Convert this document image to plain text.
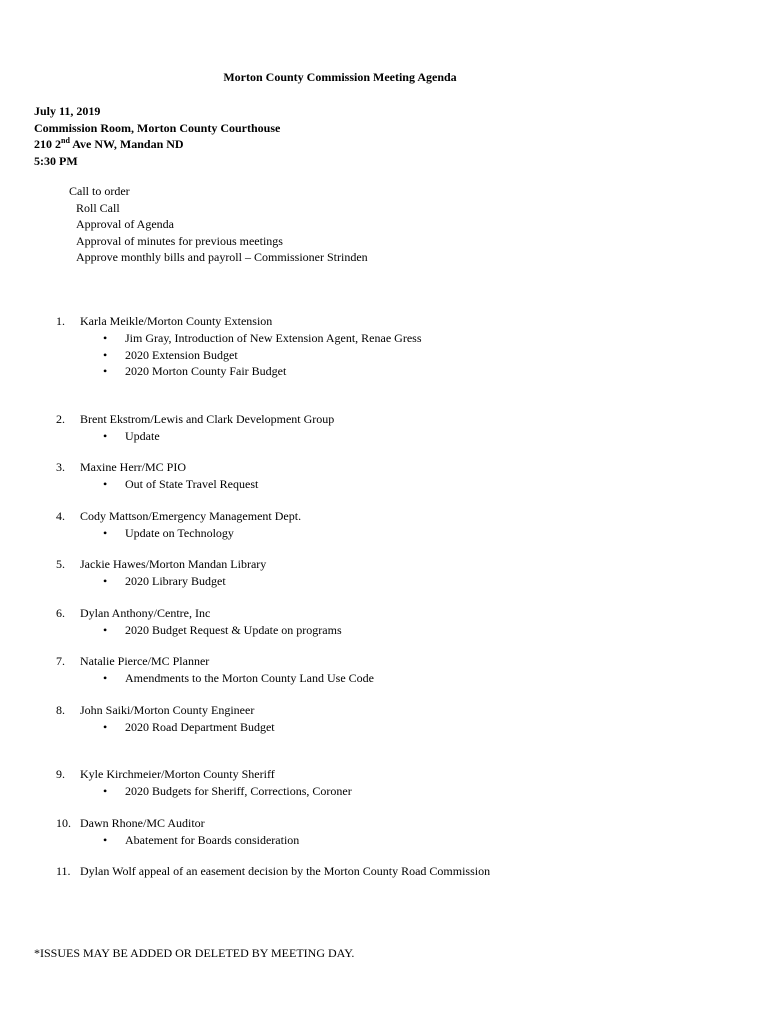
Morton County Commission Meeting Agenda
July 11, 2019
Commission Room, Morton County Courthouse
210 2nd Ave NW, Mandan ND
5:30 PM
Call to order
Roll Call
Approval of Agenda
Approval of minutes for previous meetings
Approve monthly bills and payroll – Commissioner Strinden
1.	Karla Meikle/Morton County Extension
• Jim Gray, Introduction of New Extension Agent, Renae Gress
• 2020 Extension Budget
• 2020 Morton County Fair Budget
2.	Brent Ekstrom/Lewis and Clark Development Group
• Update
3.	Maxine Herr/MC PIO
• Out of State Travel Request
4.	Cody Mattson/Emergency Management Dept.
• Update on Technology
5.	Jackie Hawes/Morton Mandan Library
• 2020 Library Budget
6.	Dylan Anthony/Centre, Inc
• 2020 Budget Request & Update on programs
7.	Natalie Pierce/MC Planner
• Amendments to the Morton County Land Use Code
8.	John Saiki/Morton County Engineer
• 2020 Road Department Budget
9.	Kyle Kirchmeier/Morton County Sheriff
• 2020 Budgets for Sheriff, Corrections, Coroner
10. Dawn Rhone/MC Auditor
• Abatement for Boards consideration
11. Dylan Wolf appeal of an easement decision by the Morton County Road Commission
*ISSUES MAY BE ADDED OR DELETED BY MEETING DAY.
